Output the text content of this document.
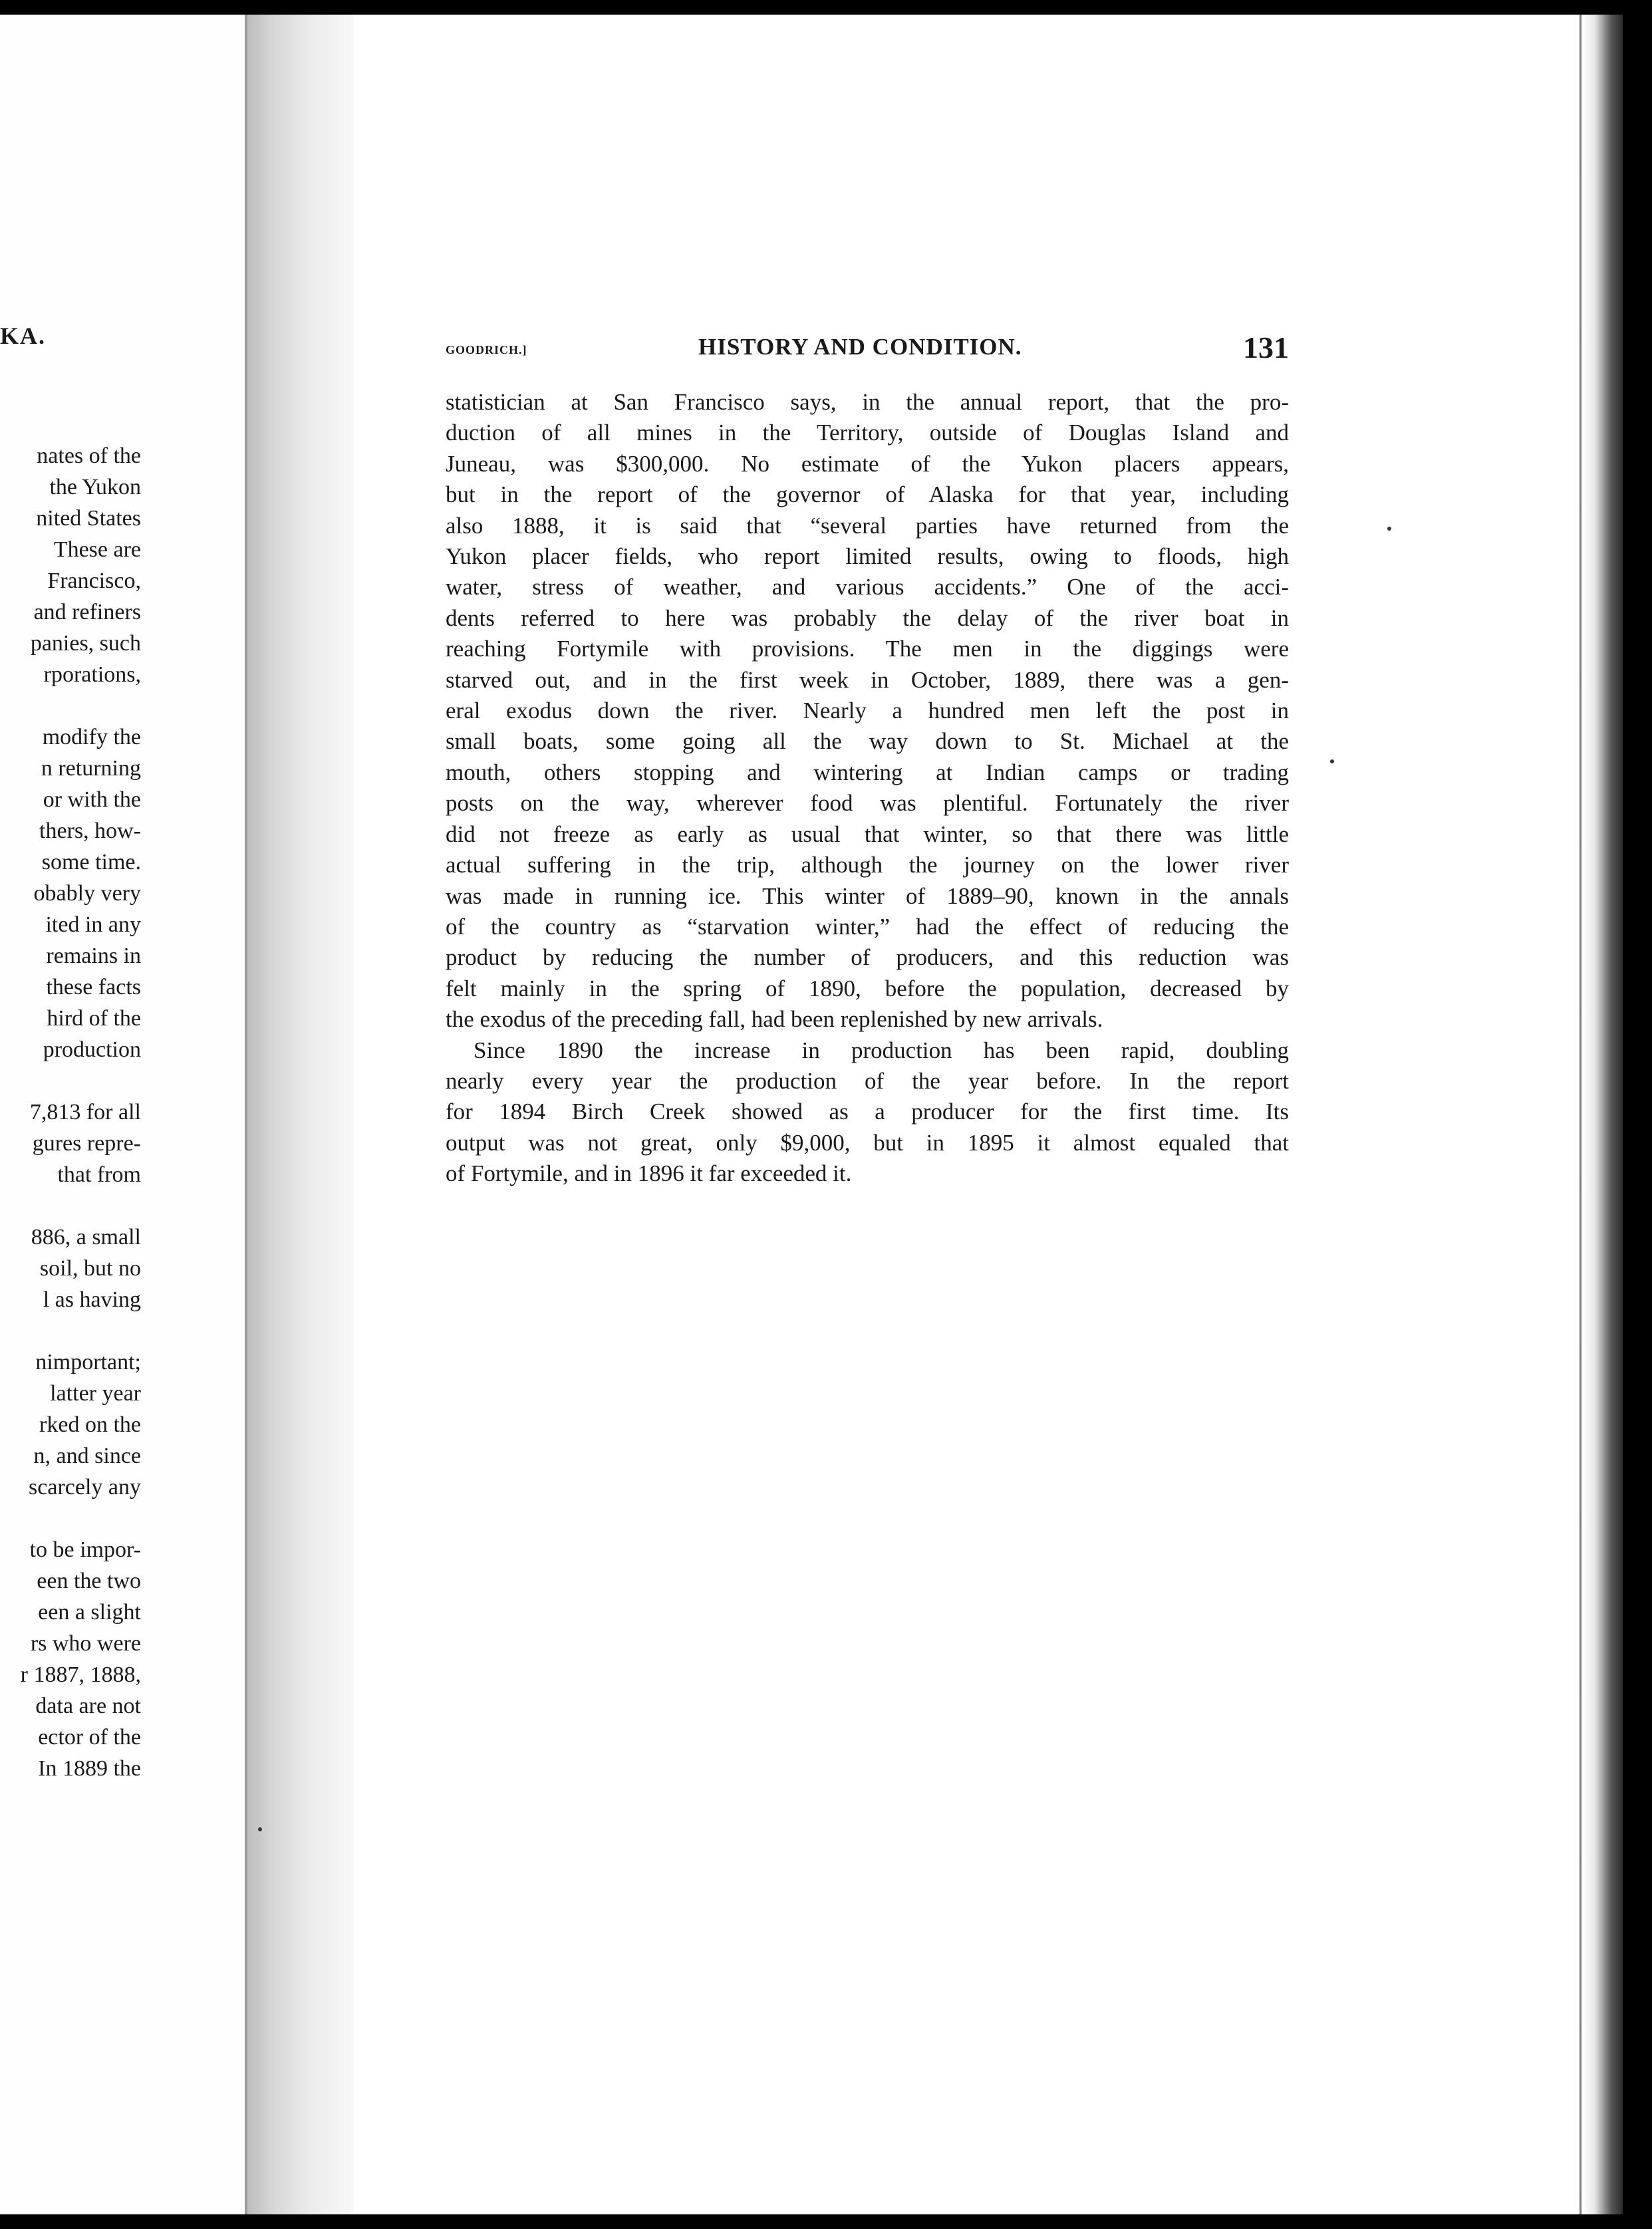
KA.
nates of the
the Yukon
nited States
These are
Francisco,
and refiners
panies, such
rporations,
modify the
n returning
or with the
thers, how-
some time.
obably very
ited in any
remains in
these facts
hird of the
production
7,813 for all
gures repre-
that from
886, a small
soil, but no
l as having
nimportant;
latter year
rked on the
n, and since
scarcely any
to be impor-
een the two
een a slight
rs who were
r 1887, 1888,
data are not
ector of the
In 1889 the
GOODRICH.]	HISTORY AND CONDITION.	131
statistician at San Francisco says, in the annual report, that the pro-
duction of all mines in the Territory, outside of Douglas Island and
Juneau, was $300,000. No estimate of the Yukon placers appears,
but in the report of the governor of Alaska for that year, including
also 1888, it is said that “several parties have returned from the
Yukon placer fields, who report limited results, owing to floods, high
water, stress of weather, and various accidents.” One of the acci-
dents referred to here was probably the delay of the river boat in
reaching Fortymile with provisions. The men in the diggings were
starved out, and in the first week in October, 1889, there was a gen-
eral exodus down the river. Nearly a hundred men left the post in
small boats, some going all the way down to St. Michael at the
mouth, others stopping and wintering at Indian camps or trading
posts on the way, wherever food was plentiful. Fortunately the river
did not freeze as early as usual that winter, so that there was little
actual suffering in the trip, although the journey on the lower river
was made in running ice. This winter of 1889–90, known in the annals
of the country as “starvation winter,” had the effect of reducing the
product by reducing the number of producers, and this reduction was
felt mainly in the spring of 1890, before the population, decreased by
the exodus of the preceding fall, had been replenished by new arrivals.
Since 1890 the increase in production has been rapid, doubling
nearly every year the production of the year before. In the report
for 1894 Birch Creek showed as a producer for the first time. Its
output was not great, only $9,000, but in 1895 it almost equaled that
of Fortymile, and in 1896 it far exceeded it.
